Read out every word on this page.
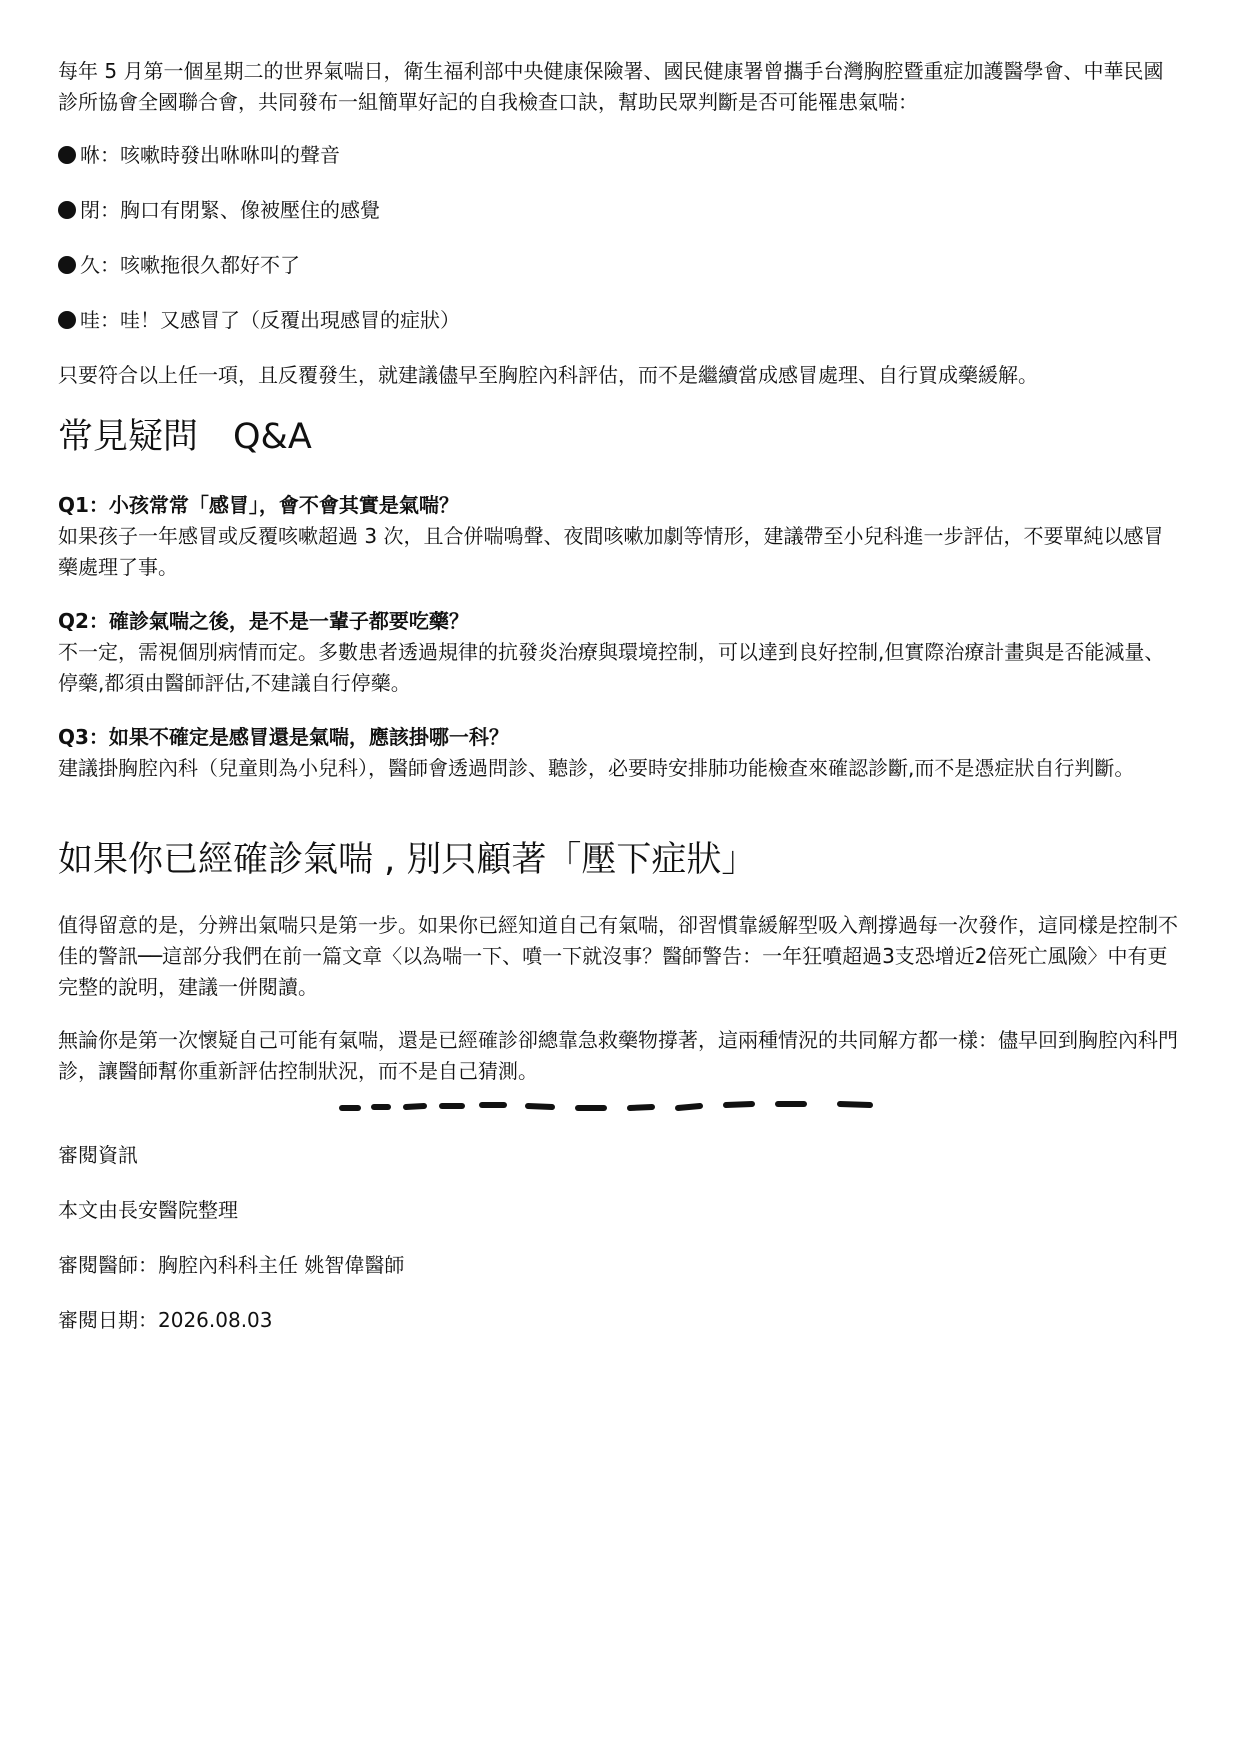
每年 5 月第一個星期二的世界氣喘日，衛生福利部中央健康保險署、國民健康署曾攜手台灣胸腔暨重症加護醫學會、中華民國診所協會全國聯合會，共同發布一組簡單好記的自我檢查口訣，幫助民眾判斷是否可能罹患氣喘：

咻：咳嗽時發出咻咻叫的聲音

閉：胸口有閉緊、像被壓住的感覺

久：咳嗽拖很久都好不了

哇：哇！又感冒了（反覆出現感冒的症狀）

只要符合以上任一項，且反覆發生，就建議儘早至胸腔內科評估，而不是繼續當成感冒處理、自行買成藥緩解。

常見疑問　Q&A

Q1：小孩常常「感冒」，會不會其實是氣喘？
如果孩子一年感冒或反覆咳嗽超過 3 次，且合併喘鳴聲、夜間咳嗽加劇等情形，建議帶至小兒科進一步評估，不要單純以感冒藥處理了事。

Q2：確診氣喘之後，是不是一輩子都要吃藥？
不一定，需視個別病情而定。多數患者透過規律的抗發炎治療與環境控制，可以達到良好控制,但實際治療計畫與是否能減量、停藥,都須由醫師評估,不建議自行停藥。

Q3：如果不確定是感冒還是氣喘，應該掛哪一科？
建議掛胸腔內科（兒童則為小兒科），醫師會透過問診、聽診，必要時安排肺功能檢查來確認診斷,而不是憑症狀自行判斷。

如果你已經確診氣喘 , 別只顧著「壓下症狀」

值得留意的是，分辨出氣喘只是第一步。如果你已經知道自己有氣喘，卻習慣靠緩解型吸入劑撐過每一次發作，這同樣是控制不佳的警訊──這部分我們在前一篇文章〈以為喘一下、噴一下就沒事？醫師警告：一年狂噴超過3支恐增近2倍死亡風險〉中有更完整的說明，建議一併閱讀。

無論你是第一次懷疑自己可能有氣喘，還是已經確診卻總靠急救藥物撐著，這兩種情況的共同解方都一樣：儘早回到胸腔內科門診，讓醫師幫你重新評估控制狀況，而不是自己猜測。

審閱資訊

本文由長安醫院整理

審閱醫師：胸腔內科科主任 姚智偉醫師

審閱日期：2026.08.03
